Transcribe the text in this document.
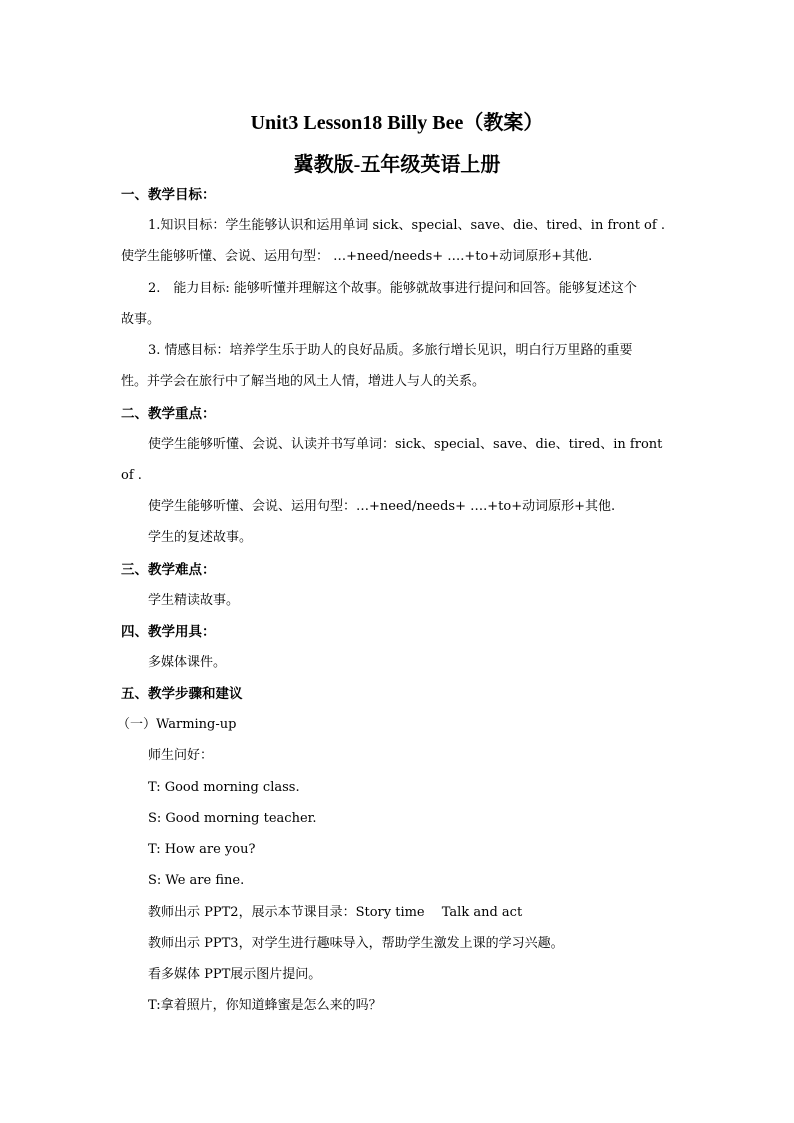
Unit3 Lesson18 Billy Bee（教案）
冀教版-五年级英语上册
一、教学目标：
1.知识目标：学生能够认识和运用单词 sick、special、save、die、tired、in front of .
使学生能够听懂、会说、运用句型： …+need/needs+ ….+to+动词原形+其他.
2.　能力目标: 能够听懂并理解这个故事。能够就故事进行提问和回答。能够复述这个
故事。
3. 情感目标：培养学生乐于助人的良好品质。多旅行增长见识，明白行万里路的重要
性。并学会在旅行中了解当地的风土人情，增进人与人的关系。
二、教学重点：
使学生能够听懂、会说、认读并书写单词：sick、special、save、die、tired、in front
of .
使学生能够听懂、会说、运用句型：…+need/needs+ ….+to+动词原形+其他.
学生的复述故事。
三、教学难点：
学生精读故事。
四、教学用具：
多媒体课件。
五、教学步骤和建议
（一）Warming-up
师生问好：
T: Good morning class.
S: Good morning teacher.
T: How are you?
S: We are fine.
教师出示 PPT2，展示本节课目录：Story time　 Talk and act
教师出示 PPT3，对学生进行趣味导入，帮助学生激发上课的学习兴趣。
看多媒体 PPT展示图片提问。
T:拿着照片，你知道蜂蜜是怎么来的吗？
